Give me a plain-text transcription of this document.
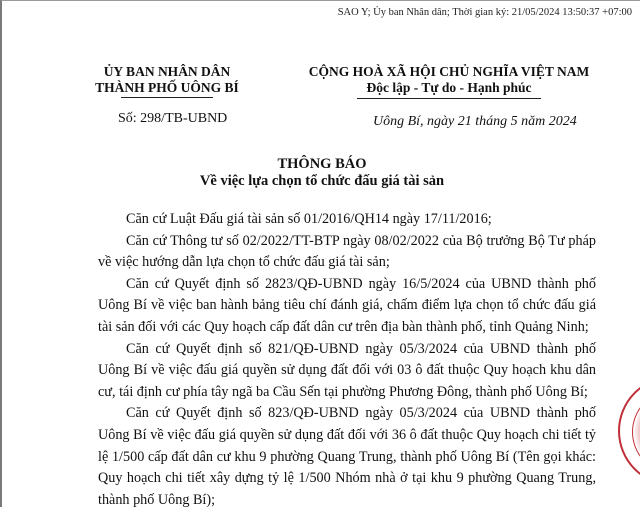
SAO Y; Ủy ban Nhân dân; Thời gian ký: 21/05/2024 13:50:37 +07:00
ỦY BAN NHÂN DÂN
THÀNH PHỐ UÔNG BÍ
CỘNG HOÀ XÃ HỘI CHỦ NGHĨA VIỆT NAM
Độc lập - Tự do - Hạnh phúc
Số: 298/TB-UBND	Uông Bí, ngày 21 tháng 5 năm 2024
THÔNG BÁO
Về việc lựa chọn tổ chức đấu giá tài sản

Căn cứ Luật Đấu giá tài sản số 01/2016/QH14 ngày 17/11/2016;

Căn cứ Thông tư số 02/2022/TT-BTP ngày 08/02/2022 của Bộ trưởng Bộ Tư pháp về việc hướng dẫn lựa chọn tổ chức đấu giá tài sản;

Căn cứ Quyết định số 2823/QĐ-UBND ngày 16/5/2024 của UBND thành phố Uông Bí về việc ban hành bảng tiêu chí đánh giá, chấm điểm lựa chọn tổ chức đấu giá tài sản đối với các Quy hoạch cấp đất dân cư trên địa bàn thành phố, tỉnh Quảng Ninh;

Căn cứ Quyết định số 821/QĐ-UBND ngày 05/3/2024 của UBND thành phố Uông Bí về việc đấu giá quyền sử dụng đất đối với 03 ô đất thuộc Quy hoạch khu dân cư, tái định cư phía tây ngã ba Cầu Sến tại phường Phương Đông, thành phố Uông Bí;

Căn cứ Quyết định số 823/QĐ-UBND ngày 05/3/2024 của UBND thành phố Uông Bí về việc đấu giá quyền sử dụng đất đối với 36 ô đất thuộc Quy hoạch chi tiết tỷ lệ 1/500 cấp đất dân cư khu 9 phường Quang Trung, thành phố Uông Bí (Tên gọi khác: Quy hoạch chi tiết xây dựng tỷ lệ 1/500 Nhóm nhà ở tại khu 9 phường Quang Trung, thành phố Uông Bí);
